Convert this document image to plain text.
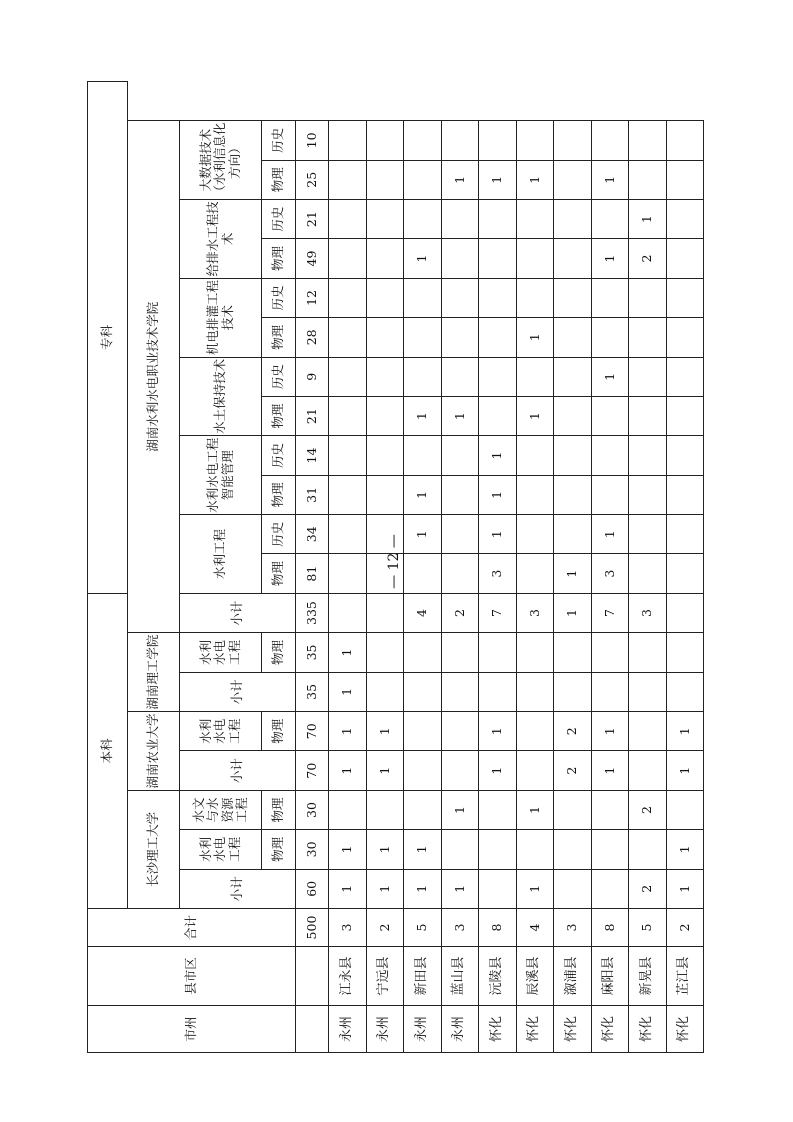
市州	县市区	合计	本科								专科											
			长沙理工大学			湖南农业大学		湖南理工学院		湖南水利水电职业技术学院												
			小计	水利水电工程	水文与水资源工程	小计	水利水电工程	小计	水利水电工程	小计	水利工程		水利水电工程智能管理		水土保持技术		机电排灌工程技术		给排水工程技术		大数据技术（水利信息化方向）	
				物理	物理		物理		物理		物理	历史	物理	历史	物理	历史	物理	历史	物理	历史	物理	历史
		500	60	30	30	70	70	35	35	335	81	34	31	14	21	9	28	12	49	21	25	10
永州	江永县	3	1	1		1	1	1	1													
永州	宁远县	2	1	1		1	1															
永州	新田县	5	1	1						4		1	1		1				1			
永州	蓝山县	3	1		1					2					1						1	
怀化	沅陵县	8				1	1			7	3	1	1	1							1	
怀化	辰溪县	4	1		1					3					1		1				1	
怀化	溆浦县	3				2	2			1	1											
怀化	麻阳县	8				1	1			7	3	1				1			1		1	
怀化	新晃县	5	2		2					3									2	1		
怀化	芷江县	2	1	1		1	1															
— 12 —
